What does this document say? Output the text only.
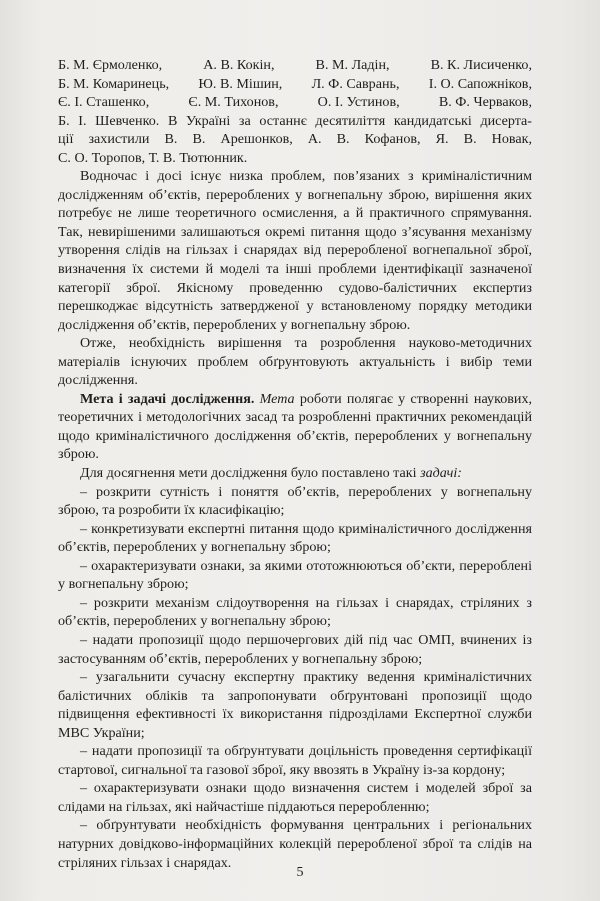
Б. М. Єрмоленко,	А. В. Кокін,	В. М. Ладін,	В. К. Лисиченко,
Б. М. Комаринець, Ю. В. Мішин, Л. Ф. Саврань, І. О. Сапожніков,
Є. І. Сташенко,	Є. М. Тихонов,	О. І. Устинов,	В. Ф. Черваков,
Б. І. Шевченко. В Україні за останнє десятиліття кандидатські дисерта-
ції захистили В. В. Арешонков, А. В. Кофанов, Я. В. Новак,
С. О. Торопов, Т. В. Тютюнник.

Водночас і досі існує низка проблем, пов’язаних з криміналістичним дослідженням об’єктів, перероблених у вогнепальну зброю, вирішення яких потребує не лише теоретичного осмислення, а й практичного спрямування. Так, невирішеними залишаються окремі питання щодо з’ясування механізму утворення слідів на гільзах і снарядах від переробленої вогнепальної зброї, визначення їх системи й моделі та інші проблеми ідентифікації зазначеної категорії зброї. Якісному проведенню судово-балістичних експертиз перешкоджає відсутність затвердженої у встановленому порядку методики дослідження об’єктів, перероблених у вогнепальну зброю.

Отже, необхідність вирішення та розроблення науково-методичних матеріалів існуючих проблем обґрунтовують актуальність і вибір теми дослідження.

Мета і задачі дослідження. Мета роботи полягає у створенні наукових, теоретичних і методологічних засад та розробленні практичних рекомендацій щодо криміналістичного дослідження об’єктів, перероблених у вогнепальну зброю.

Для досягнення мети дослідження було поставлено такі задачі:

– розкрити сутність і поняття об’єктів, перероблених у вогнепальну зброю, та розробити їх класифікацію;

– конкретизувати експертні питання щодо криміналістичного дослідження об’єктів, перероблених у вогнепальну зброю;

– охарактеризувати ознаки, за якими ототожнюються об’єкти, перероблені у вогнепальну зброю;

– розкрити механізм слідоутворення на гільзах і снарядах, стріляних з об’єктів, перероблених у вогнепальну зброю;

– надати пропозиції щодо першочергових дій під час ОМП, вчинених із застосуванням об’єктів, перероблених у вогнепальну зброю;

– узагальнити сучасну експертну практику ведення криміналістичних балістичних обліків та запропонувати обґрунтовані пропозиції щодо підвищення ефективності їх використання підрозділами Експертної служби МВС України;

– надати пропозиції та обґрунтувати доцільність проведення сертифікації стартової, сигнальної та газової зброї, яку ввозять в Україну із-за кордону;

– охарактеризувати ознаки щодо визначення систем і моделей зброї за слідами на гільзах, які найчастіше піддаються переробленню;

– обґрунтувати необхідність формування центральних і регіональних натурних довідково-інформаційних колекцій переробленої зброї та слідів на стріляних гільзах і снарядах.

5
